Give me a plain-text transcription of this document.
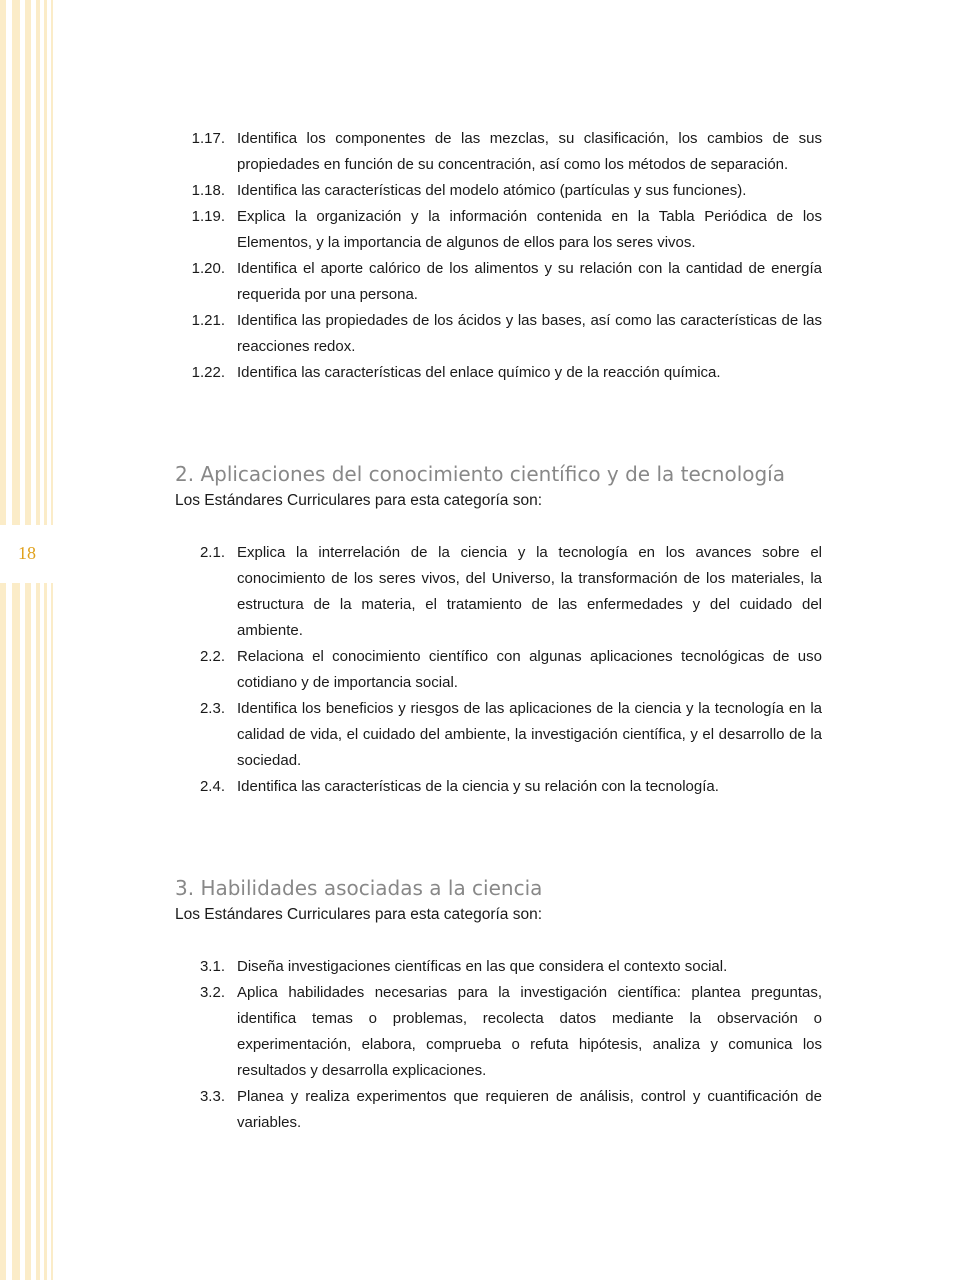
18
1.17. Identifica los componentes de las mezclas, su clasificación, los cambios de sus propiedades en función de su concentración, así como los métodos de separación.
1.18. Identifica las características del modelo atómico (partículas y sus funciones).
1.19. Explica la organización y la información contenida en la Tabla Periódica de los Elementos, y la importancia de algunos de ellos para los seres vivos.
1.20. Identifica el aporte calórico de los alimentos y su relación con la cantidad de energía requerida por una persona.
1.21. Identifica las propiedades de los ácidos y las bases, así como las características de las reacciones redox.
1.22. Identifica las características del enlace químico y de la reacción química.
2. Aplicaciones del conocimiento científico y de la tecnología

Los Estándares Curriculares para esta categoría son:

2.1. Explica la interrelación de la ciencia y la tecnología en los avances sobre el conocimiento de los seres vivos, del Universo, la transformación de los materiales, la estructura de la materia, el tratamiento de las enfermedades y del cuidado del ambiente.
2.2. Relaciona el conocimiento científico con algunas aplicaciones tecnológicas de uso cotidiano y de importancia social.
2.3. Identifica los beneficios y riesgos de las aplicaciones de la ciencia y la tecnología en la calidad de vida, el cuidado del ambiente, la investigación científica, y el desarrollo de la sociedad.
2.4. Identifica las características de la ciencia y su relación con la tecnología.
3. Habilidades asociadas a la ciencia

Los Estándares Curriculares para esta categoría son:

3.1. Diseña investigaciones científicas en las que considera el contexto social.
3.2. Aplica habilidades necesarias para la investigación científica: plantea preguntas, identifica temas o problemas, recolecta datos mediante la observación o experimentación, elabora, comprueba o refuta hipótesis, analiza y comunica los resultados y desarrolla explicaciones.
3.3. Planea y realiza experimentos que requieren de análisis, control y cuantificación de variables.
